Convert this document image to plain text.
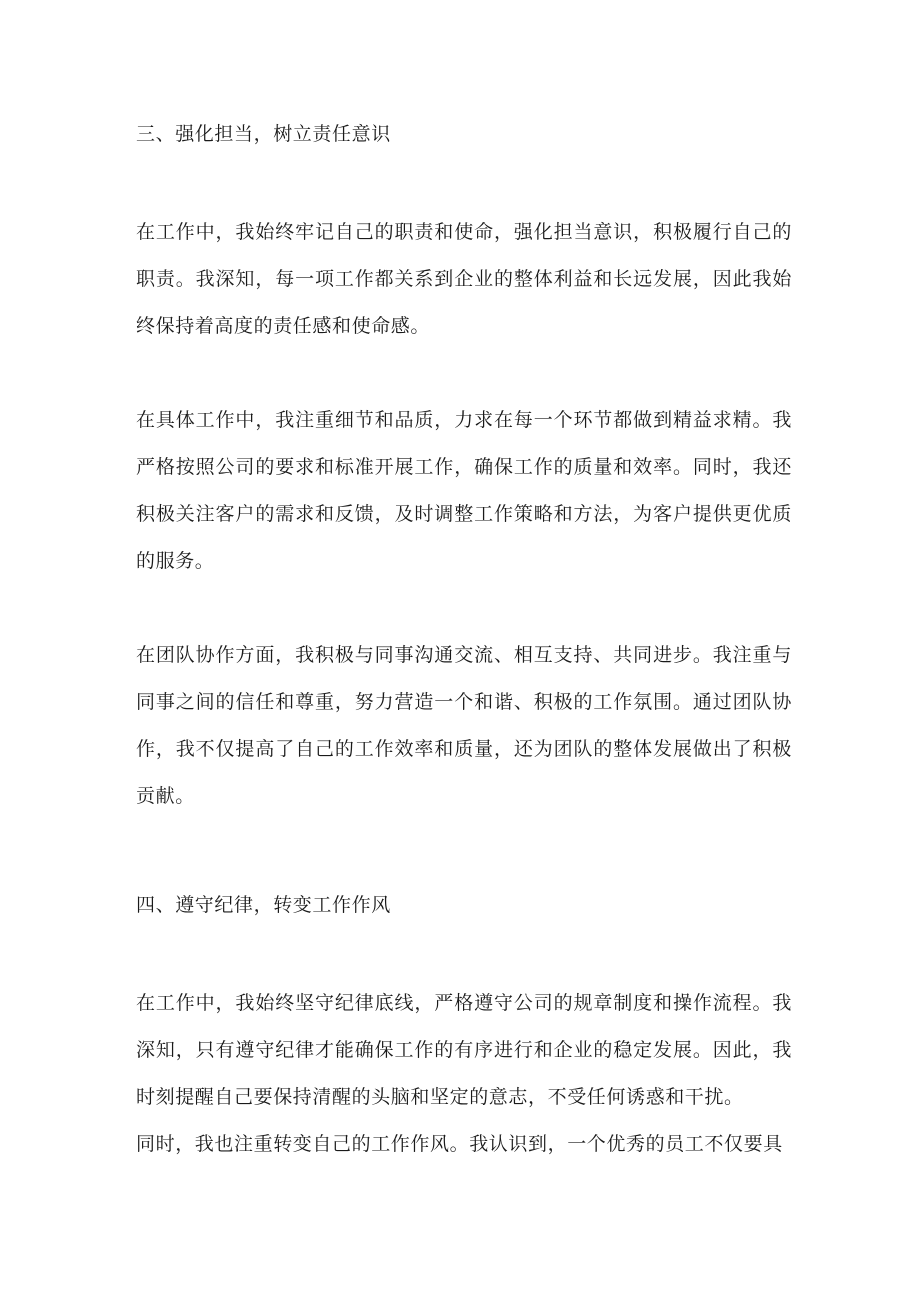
三、强化担当，树立责任意识

在工作中，我始终牢记自己的职责和使命，强化担当意识，积极履行自己的职责。我深知，每一项工作都关系到企业的整体利益和长远发展，因此我始终保持着高度的责任感和使命感。

在具体工作中，我注重细节和品质，力求在每一个环节都做到精益求精。我严格按照公司的要求和标准开展工作，确保工作的质量和效率。同时，我还积极关注客户的需求和反馈，及时调整工作策略和方法，为客户提供更优质的服务。

在团队协作方面，我积极与同事沟通交流、相互支持、共同进步。我注重与同事之间的信任和尊重，努力营造一个和谐、积极的工作氛围。通过团队协作，我不仅提高了自己的工作效率和质量，还为团队的整体发展做出了积极贡献。

四、遵守纪律，转变工作作风

在工作中，我始终坚守纪律底线，严格遵守公司的规章制度和操作流程。我深知，只有遵守纪律才能确保工作的有序进行和企业的稳定发展。因此，我时刻提醒自己要保持清醒的头脑和坚定的意志，不受任何诱惑和干扰。

同时，我也注重转变自己的工作作风。我认识到，一个优秀的员工不仅要具
